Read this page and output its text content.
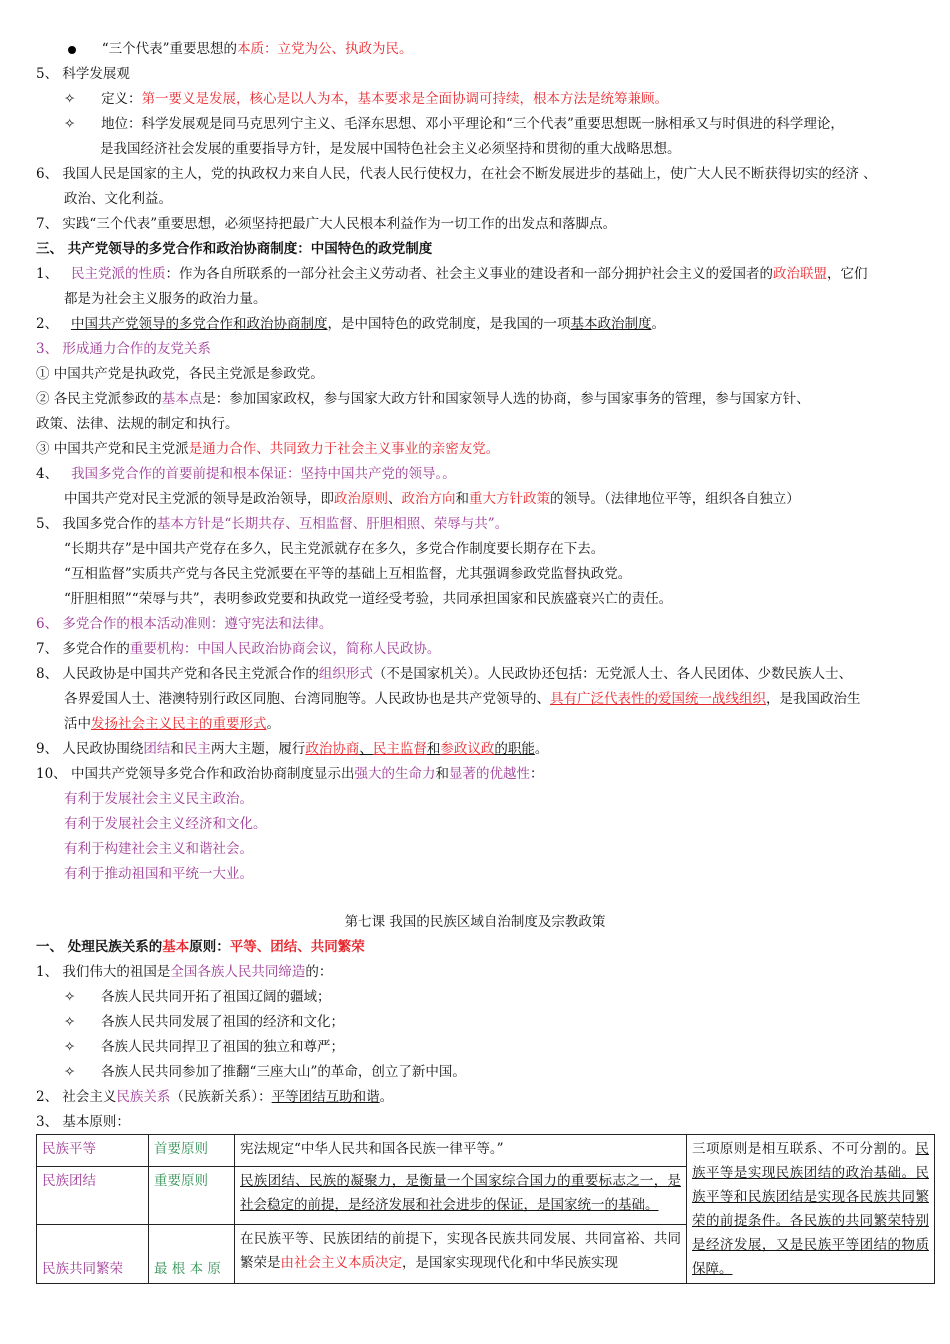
“三个代表”重要思想的本质：立党为公、执政为民。
5、 科学发展观
✧ 定义：第一要义是发展，核心是以人为本，基本要求是全面协调可持续，根本方法是统筹兼顾。
✧ 地位：科学发展观是同马克思列宁主义、毛泽东思想、邓小平理论和“三个代表”重要思想既一脉相承又与时俱进的科学理论，
是我国经济社会发展的重要指导方针，是发展中国特色社会主义必须坚持和贯彻的重大战略思想。
6、 我国人民是国家的主人，党的执政权力来自人民，代表人民行使权力，在社会不断发展进步的基础上，使广大人民不断获得切实的经济 、
政治、文化利益。
7、 实践“三个代表”重要思想，必须坚持把最广大人民根本利益作为一切工作的出发点和落脚点。
三、 共产党领导的多党合作和政治协商制度：中国特色的政党制度
1、 民主党派的性质：作为各自所联系的一部分社会主义劳动者、社会主义事业的建设者和一部分拥护社会主义的爱国者的政治联盟，它们
都是为社会主义服务的政治力量。
2、 中国共产党领导的多党合作和政治协商制度，是中国特色的政党制度，是我国的一项基本政治制度。
3、 形成通力合作的友党关系
① 中国共产党是执政党，各民主党派是参政党。
② 各民主党派参政的基本点是：参加国家政权，参与国家大政方针和国家领导人选的协商，参与国家事务的管理，参与国家方针、
政策、法律、法规的制定和执行。
③ 中国共产党和民主党派是通力合作、共同致力于社会主义事业的亲密友党。
4、 我国多党合作的首要前提和根本保证：坚持中国共产党的领导。。
中国共产党对民主党派的领导是政治领导，即政治原则、政治方向和重大方针政策的领导。（法律地位平等，组织各自独立）
5、 我国多党合作的基本方针是“长期共存、互相监督、肝胆相照、荣辱与共”。
“长期共存”是中国共产党存在多久，民主党派就存在多久，多党合作制度要长期存在下去。
“互相监督”实质共产党与各民主党派要在平等的基础上互相监督，尤其强调参政党监督执政党。
“肝胆相照”“荣辱与共”，表明参政党要和执政党一道经受考验，共同承担国家和民族盛衰兴亡的责任。
6、 多党合作的根本活动准则：遵守宪法和法律。
7、 多党合作的重要机构：中国人民政治协商会议，简称人民政协。
8、 人民政协是中国共产党和各民主党派合作的组织形式（不是国家机关）。人民政协还包括：无党派人士、各人民团体、少数民族人士、
各界爱国人士、港澳特别行政区同胞、台湾同胞等。人民政协也是共产党领导的、具有广泛代表性的爱国统一战线组织，是我国政治生
活中发扬社会主义民主的重要形式。
9、 人民政协围绕团结和民主两大主题，履行政治协商、民主监督和参政议政的职能。
10、 中国共产党领导多党合作和政治协商制度显示出强大的生命力和显著的优越性：
有利于发展社会主义民主政治。
有利于发展社会主义经济和文化。
有利于构建社会主义和谐社会。
有利于推动祖国和平统一大业。
第七课 我国的民族区域自治制度及宗教政策
一、 处理民族关系的基本原则：平等、团结、共同繁荣
1、 我们伟大的祖国是全国各族人民共同缔造的：
✧ 各族人民共同开拓了祖国辽阔的疆域；
✧ 各族人民共同发展了祖国的经济和文化；
✧ 各族人民共同捍卫了祖国的独立和尊严；
✧ 各族人民共同参加了推翻“三座大山”的革命，创立了新中国。
2、 社会主义民族关系（民族新关系）：平等团结互助和谐。
3、 基本原则：
民族平等	首要原则	宪法规定“中华人民共和国各民族一律平等。”	三项原则是相互联系、不可分割的。民族平等是实现民族团结的政治基础。民族平等和民族团结是实现各民族共同繁荣的前提条件。各民族的共同繁荣特别是经济发展，又是民族平等团结的物质保障。
民族团结	重要原则	民族团结、民族的凝聚力，是衡量一个国家综合国力的重要标志之一，是社会稳定的前提，是经济发展和社会进步的保证，是国家统一的基础。	
民族共同繁荣	最 根 本 原	在民族平等、民族团结的前提下，实现各民族共同发展、共同富裕、共同繁荣是由社会主义本质决定，是国家实现现代化和中华民族实现	
